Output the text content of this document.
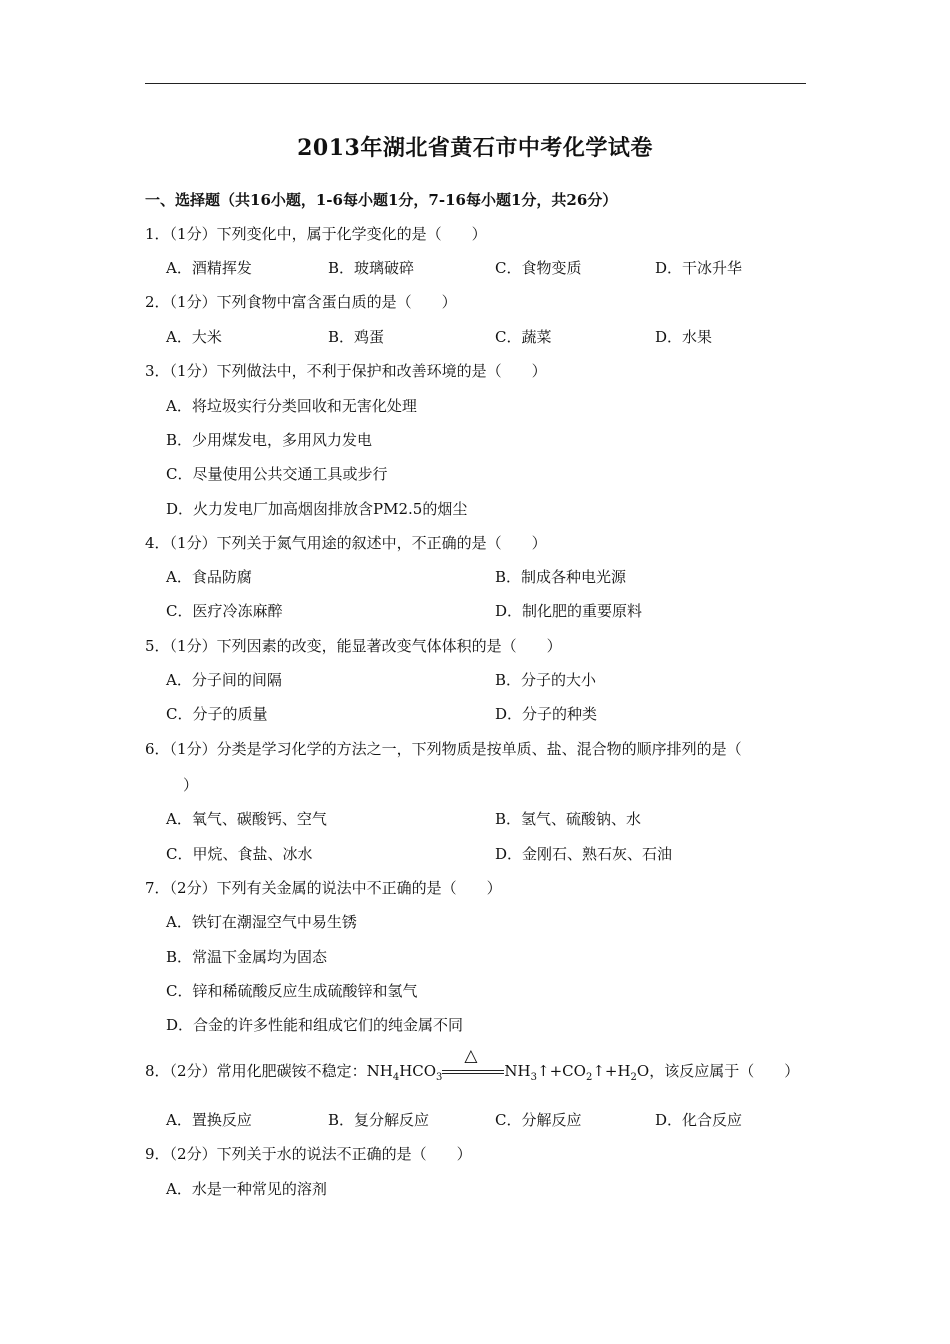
2013年湖北省黄石市中考化学试卷
一、选择题（共16小题，1-6每小题1分，7-16每小题1分，共26分）
1．（1分）下列变化中，属于化学变化的是（　　）
A．酒精挥发	B．玻璃破碎	C．食物变质	D．干冰升华
2．（1分）下列食物中富含蛋白质的是（　　）
A．大米	B．鸡蛋	C．蔬菜	D．水果
3．（1分）下列做法中，不利于保护和改善环境的是（　　）
A．将垃圾实行分类回收和无害化处理
B．少用煤发电，多用风力发电
C．尽量使用公共交通工具或步行
D．火力发电厂加高烟囱排放含PM2.5的烟尘
4．（1分）下列关于氮气用途的叙述中，不正确的是（　　）
A．食品防腐	B．制成各种电光源
C．医疗冷冻麻醉	D．制化肥的重要原料
5．（1分）下列因素的改变，能显著改变气体体积的是（　　）
A．分子间的间隔	B．分子的大小
C．分子的质量	D．分子的种类
6．（1分）分类是学习化学的方法之一，下列物质是按单质、盐、混合物的顺序排列的是（
）
A．氧气、碳酸钙、空气	B．氢气、硫酸钠、水
C．甲烷、食盐、冰水	D．金刚石、熟石灰、石油
7．（2分）下列有关金属的说法中不正确的是（　　）
A．铁钉在潮湿空气中易生锈
B．常温下金属均为固态
C．锌和稀硫酸反应生成硫酸锌和氢气
D．合金的许多性能和组成它们的纯金属不同
8．（2分）常用化肥碳铵不稳定：$NH_4HCO_3$
△
$NH_3↑+CO_2↑+H_2O$，该反应属于（　　）
A．置换反应	B．复分解反应	C．分解反应	D．化合反应
9．（2分）下列关于水的说法不正确的是（　　）
A．水是一种常见的溶剂
